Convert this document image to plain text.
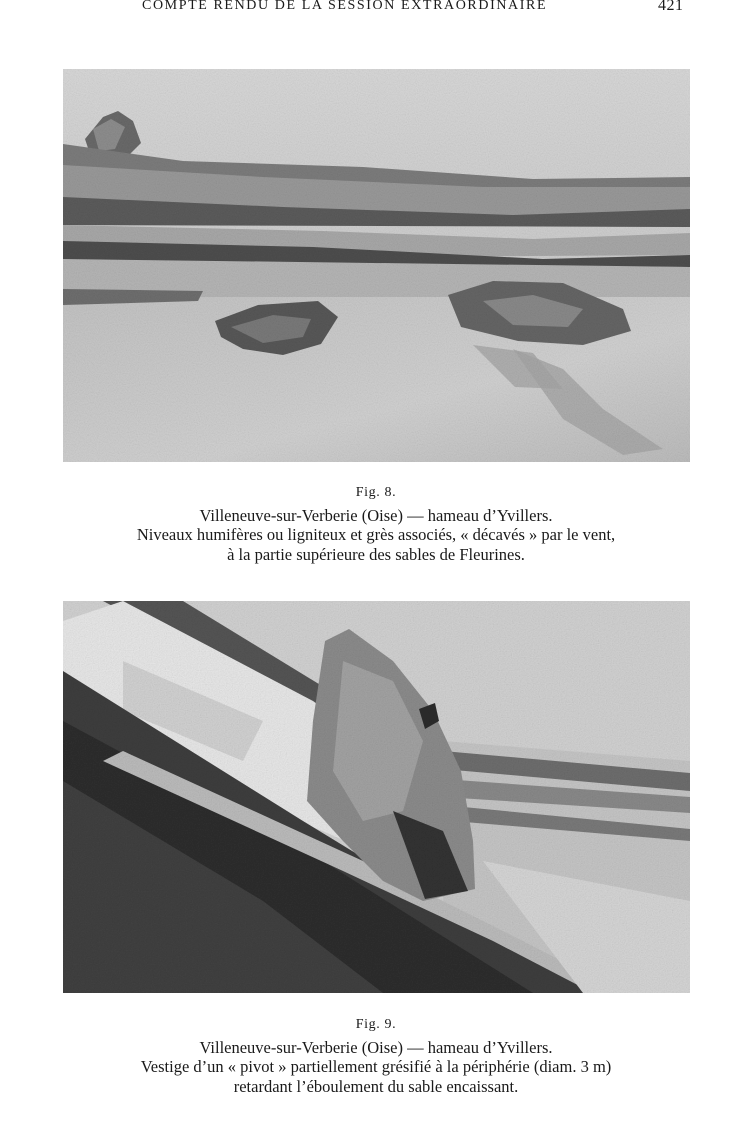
COMPTE RENDU DE LA SESSION EXTRAORDINAIRE	421
Fig. 8.
Villeneuve-sur-Verberie (Oise) — hameau d’Yvillers.
Niveaux humifères ou ligniteux et grès associés, « décavés » par le vent,
à la partie supérieure des sables de Fleurines.
Fig. 9.
Villeneuve-sur-Verberie (Oise) — hameau d’Yvillers.
Vestige d’un « pivot » partiellement grésifié à la périphérie (diam. 3 m)
retardant l’éboulement du sable encaissant.
